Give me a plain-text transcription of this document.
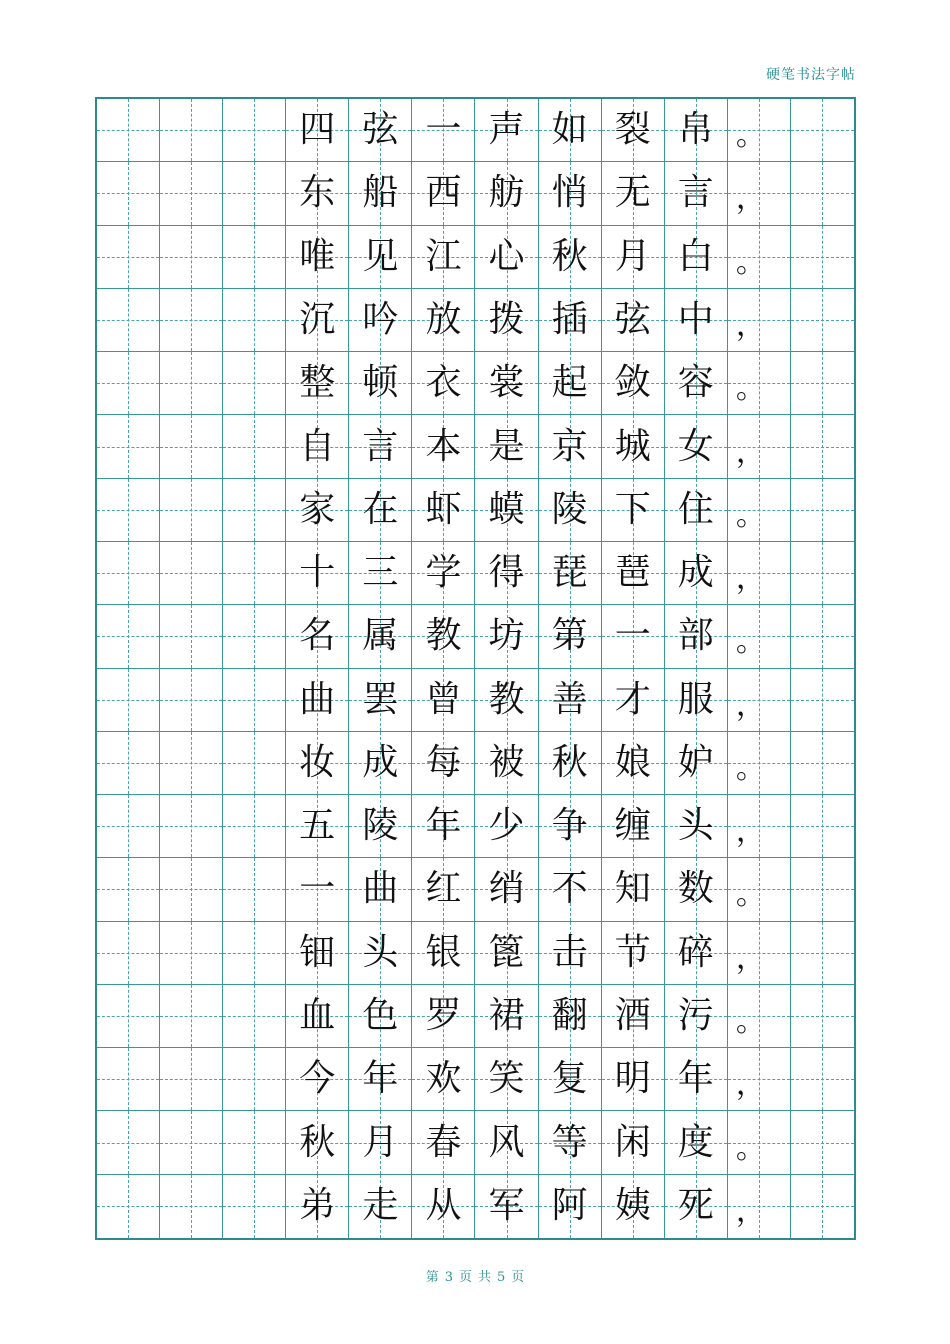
硬笔书法字帖
四 弦 一 声 如 裂 帛 。
东 船 西 舫 悄 无 言 ，
唯 见 江 心 秋 月 白 。
沉 吟 放 拨 插 弦 中 ，
整 顿 衣 裳 起 敛 容 。
自 言 本 是 京 城 女 ，
家 在 虾 蟆 陵 下 住 。
十 三 学 得 琵 琶 成 ，
名 属 教 坊 第 一 部 。
曲 罢 曾 教 善 才 服 ，
妆 成 每 被 秋 娘 妒 。
五 陵 年 少 争 缠 头 ，
一 曲 红 绡 不 知 数 。
钿 头 银 篦 击 节 碎 ，
血 色 罗 裙 翻 酒 污 。
今 年 欢 笑 复 明 年 ，
秋 月 春 风 等 闲 度 。
弟 走 从 军 阿 姨 死 ，
第 3 页 共 5 页
